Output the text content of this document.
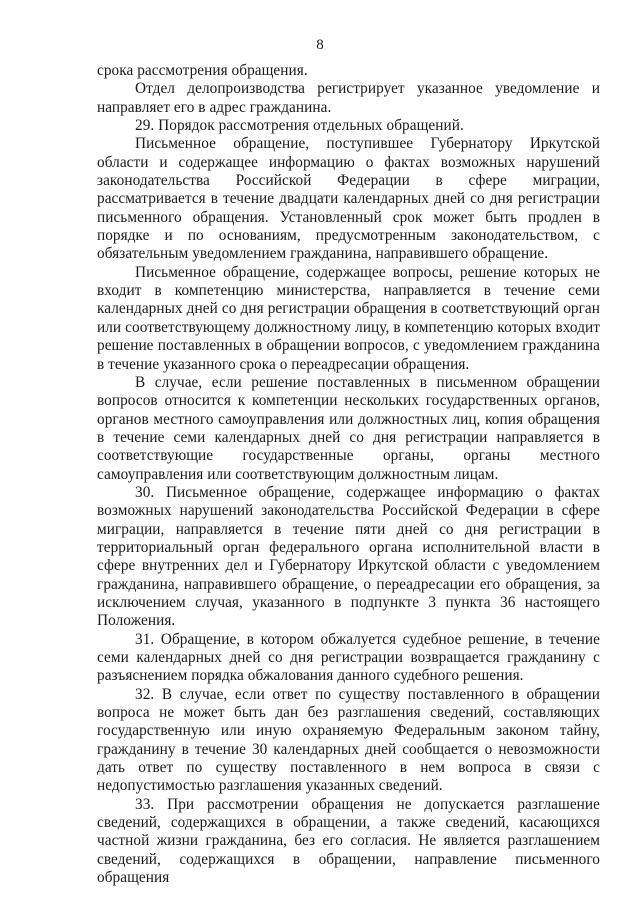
8

срока рассмотрения обращения.

Отдел делопроизводства регистрирует указанное уведомление и направляет его в адрес гражданина.

29. Порядок рассмотрения отдельных обращений.

Письменное обращение, поступившее Губернатору Иркутской области и содержащее информацию о фактах возможных нарушений законодательства Российской Федерации в сфере миграции, рассматривается в течение двадцати календарных дней со дня регистрации письменного обращения. Установленный срок может быть продлен в порядке и по основаниям, предусмотренным законодательством, с обязательным уведомлением гражданина, направившего обращение.

Письменное обращение, содержащее вопросы, решение которых не входит в компетенцию министерства, направляется в течение семи календарных дней со дня регистрации обращения в соответствующий орган или соответствующему должностному лицу, в компетенцию которых входит решение поставленных в обращении вопросов, с уведомлением гражданина в течение указанного срока о переадресации обращения.

В случае, если решение поставленных в письменном обращении вопросов относится к компетенции нескольких государственных органов, органов местного самоуправления или должностных лиц, копия обращения в течение семи календарных дней со дня регистрации направляется в соответствующие государственные органы, органы местного самоуправления или соответствующим должностным лицам.

30. Письменное обращение, содержащее информацию о фактах возможных нарушений законодательства Российской Федерации в сфере миграции, направляется в течение пяти дней со дня регистрации в территориальный орган федерального органа исполнительной власти в сфере внутренних дел и Губернатору Иркутской области с уведомлением гражданина, направившего обращение, о переадресации его обращения, за исключением случая, указанного в подпункте 3 пункта 36 настоящего Положения.

31. Обращение, в котором обжалуется судебное решение, в течение семи календарных дней со дня регистрации возвращается гражданину с разъяснением порядка обжалования данного судебного решения.

32. В случае, если ответ по существу поставленного в обращении вопроса не может быть дан без разглашения сведений, составляющих государственную или иную охраняемую Федеральным законом тайну, гражданину в течение 30 календарных дней сообщается о невозможности дать ответ по существу поставленного в нем вопроса в связи с недопустимостью разглашения указанных сведений.

33. При рассмотрении обращения не допускается разглашение сведений, содержащихся в обращении, а также сведений, касающихся частной жизни гражданина, без его согласия. Не является разглашением сведений, содержащихся в обращении, направление письменного обращения
